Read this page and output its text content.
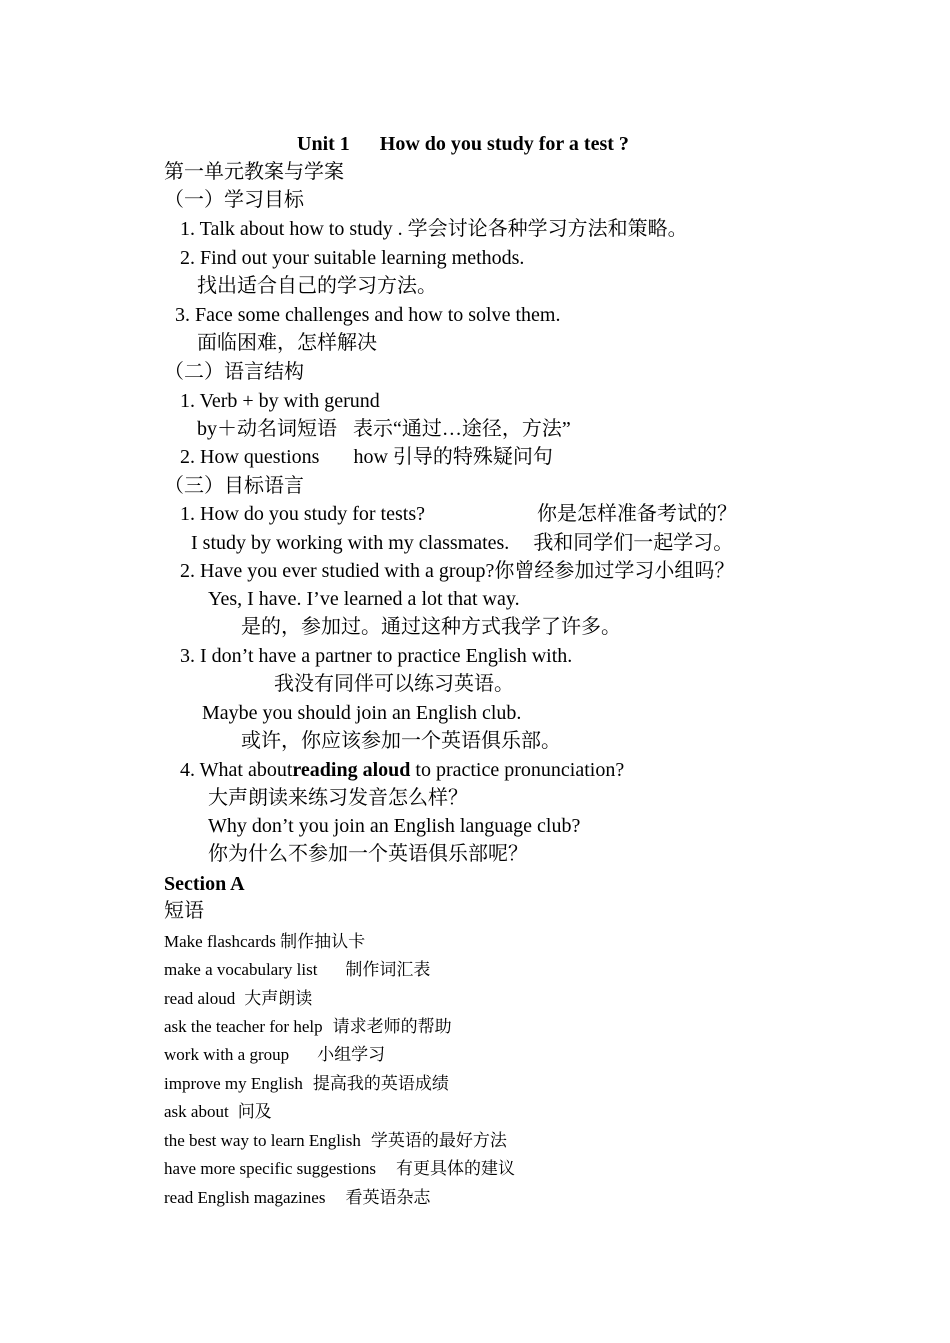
Unit 1 How do you study for a test ?
第一单元教案与学案
（一）学习目标
1. Talk about how to study . 学会讨论各种学习方法和策略。
2. Find out your suitable learning methods.
找出适合自己的学习方法。
3. Face some challenges and how to solve them.
面临困难，怎样解决
（二）语言结构
1. Verb + by with gerund
by＋动名词短语 表示“通过…途径，方法”
2. How questions how 引导的特殊疑问句
（三）目标语言
1. How do you study for tests?	你是怎样准备考试的？
I study by working with my classmates. 我和同学们一起学习。
2. Have you ever studied with a group?你曾经参加过学习小组吗？
Yes, I have. I’ve learned a lot that way.
是的，参加过。通过这种方式我学了许多。
3. I don’t have a partner to practice English with.
我没有同伴可以练习英语。
Maybe you should join an English club.
或许，你应该参加一个英语俱乐部。
4. What aboutreading aloud to practice pronunciation?
大声朗读来练习发音怎么样？
Why don’t you join an English language club?
你为什么不参加一个英语俱乐部呢？
Section A
短语
Make flashcards 制作抽认卡
make a vocabulary list 制作词汇表
read aloud 大声朗读
ask the teacher for help 请求老师的帮助
work with a group 小组学习
improve my English 提高我的英语成绩
ask about 问及
the best way to learn English 学英语的最好方法
have more specific suggestions 有更具体的建议
read English magazines 看英语杂志
